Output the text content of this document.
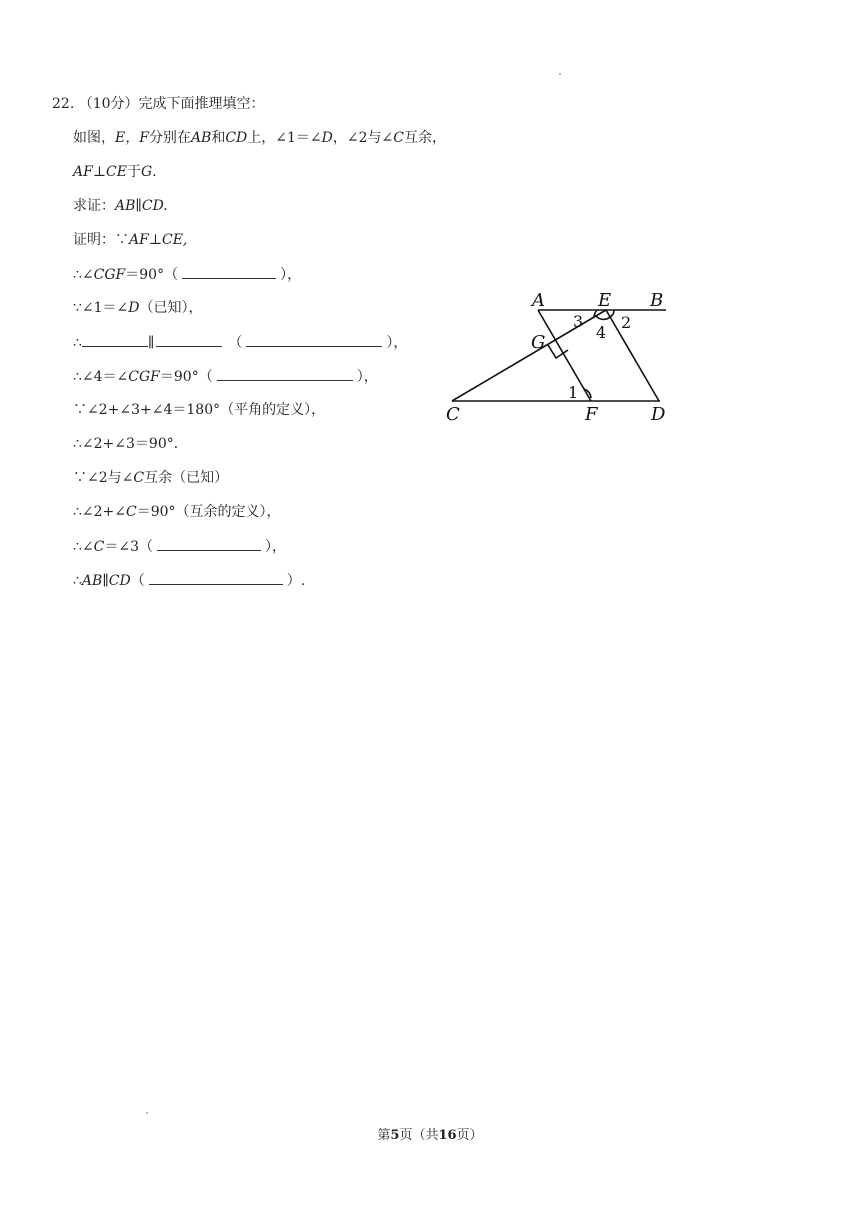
22. （10分）完成下面推理填空：
如图，E，F分别在AB和CD上，∠1＝∠D，∠2与∠C互余，
AF⊥CE于G.
求证：AB∥CD.
证明：∵AF⊥CE,
∴∠CGF＝90°（	），
∵∠1＝∠D（已知），
∴	∥	（	），
∴∠4＝∠CGF＝90°（	），
∵∠2+∠3+∠4＝180°（平角的定义），
∴∠2+∠3＝90°．
∵∠2与∠C互余（已知）
∴∠2+∠C＝90°（互余的定义），
∴∠C＝∠3（	），
∴AB∥CD（	）.
A	E B
G
C	F	D
1
3
4
2
第5页（共16页）
